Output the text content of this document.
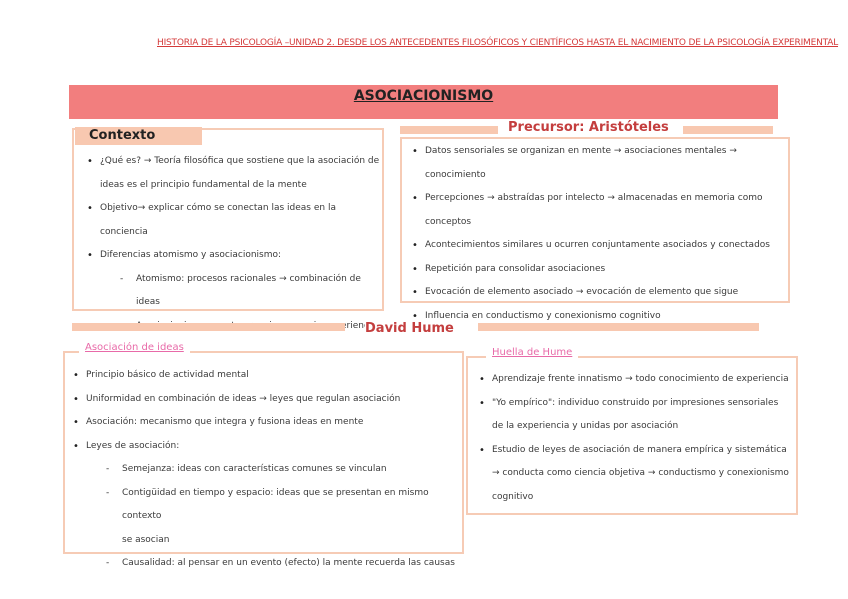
HISTORIA DE LA PSICOLOGÍA –UNIDAD 2. DESDE LOS ANTECEDENTES FILOSÓFICOS Y CIENTÍFICOS HASTA EL NACIMIENTO DE LA PSICOLOGÍA EXPERIMENTAL
ASOCIACIONISMO
• ¿Qué es? → Teoría filosófica que sostiene que la asociación de
ideas es el principio fundamental de la mente
• Objetivo→ explicar cómo se conectan las ideas en la conciencia
• Diferencias atomismo y asociacionismo:
- Atomismo: procesos racionales → combinación de ideas
- experiencias
Contexto
• Datos sensoriales se organizan en mente → asociaciones mentales → conocimiento
• Percepciones → abstraídas por intelecto → almacenadas en memoria como
conceptos
• Acontecimientos similares u ocurren conjuntamente asociados y conectados
• Repetición para consolidar asociaciones
• Evocación de elemento asociado → evocación de elemento que sigue
• Influencia en conductismo y conexionismo cognitivo
Precursor: Aristóteles
David Hume
• Principio básico de actividad mental
• Uniformidad en combinación de ideas → leyes que regulan asociación
• Asociación: mecanismo que integra y fusiona ideas en mente
• Leyes de asociación:
- Semejanza: ideas con características comunes se vinculan
- Contigüidad en tiempo y espacio: ideas que se presentan en mismo contexto
se asocian
- Causalidad: al pensar en un evento (efecto) la mente recuerda las causas
Asociación de ideas
• Aprendizaje frente innatismo → todo conocimiento de experiencia
• "Yo empírico": individuo construido por impresiones sensoriales
de la experiencia y unidas por asociación
• Estudio de leyes de asociación de manera empírica y sistemática
→ conducta como ciencia objetiva → conductismo y conexionismo
cognitivo
Huella de Hume
